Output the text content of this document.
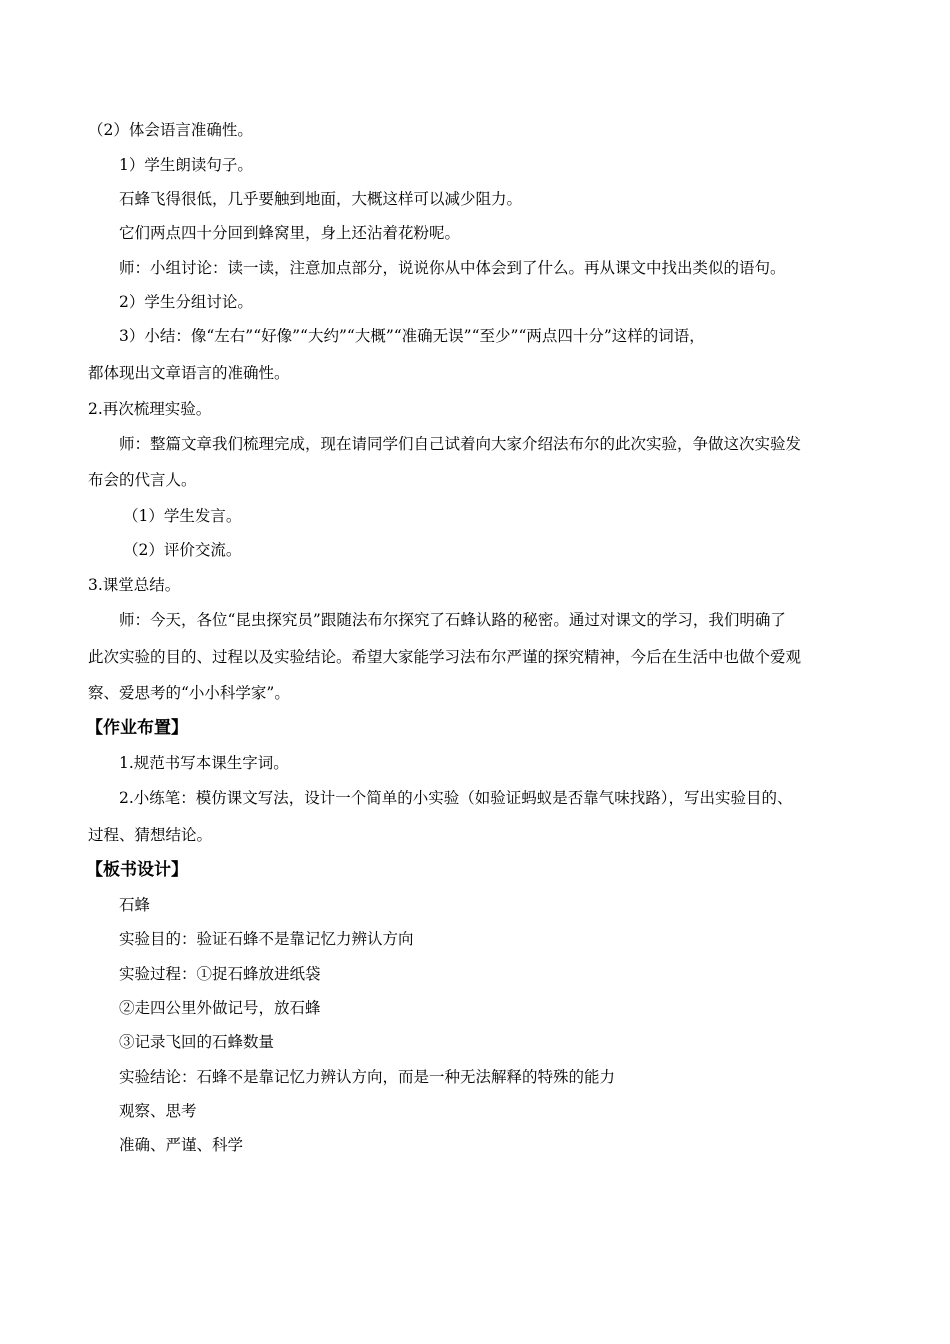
（2）体会语言准确性。
1）学生朗读句子。
石蜂飞得很低，几乎要触到地面，大概这样可以减少阻力。
它们两点四十分回到蜂窝里，身上还沾着花粉呢。
师：小组讨论：读一读，注意加点部分，说说你从中体会到了什么。再从课文中找出类似的语句。
2）学生分组讨论。
3）小结：像“左右”“好像”“大约”“大概”“准确无误”“至少”“两点四十分”这样的词语，
都体现出文章语言的准确性。
2.再次梳理实验。
师：整篇文章我们梳理完成，现在请同学们自己试着向大家介绍法布尔的此次实验，争做这次实验发
布会的代言人。
（1）学生发言。
（2）评价交流。
3.课堂总结。
师：今天，各位“昆虫探究员”跟随法布尔探究了石蜂认路的秘密。通过对课文的学习，我们明确了
此次实验的目的、过程以及实验结论。希望大家能学习法布尔严谨的探究精神，今后在生活中也做个爱观
察、爱思考的“小小科学家”。
【作业布置】
1.规范书写本课生字词。
2.小练笔：模仿课文写法，设计一个简单的小实验（如验证蚂蚁是否靠气味找路），写出实验目的、
过程、猜想结论。
【板书设计】
石蜂
实验目的：验证石蜂不是靠记忆力辨认方向
实验过程：①捉石蜂放进纸袋
②走四公里外做记号，放石蜂
③记录飞回的石蜂数量
实验结论：石蜂不是靠记忆力辨认方向，而是一种无法解释的特殊的能力
观察、思考
准确、严谨、科学
